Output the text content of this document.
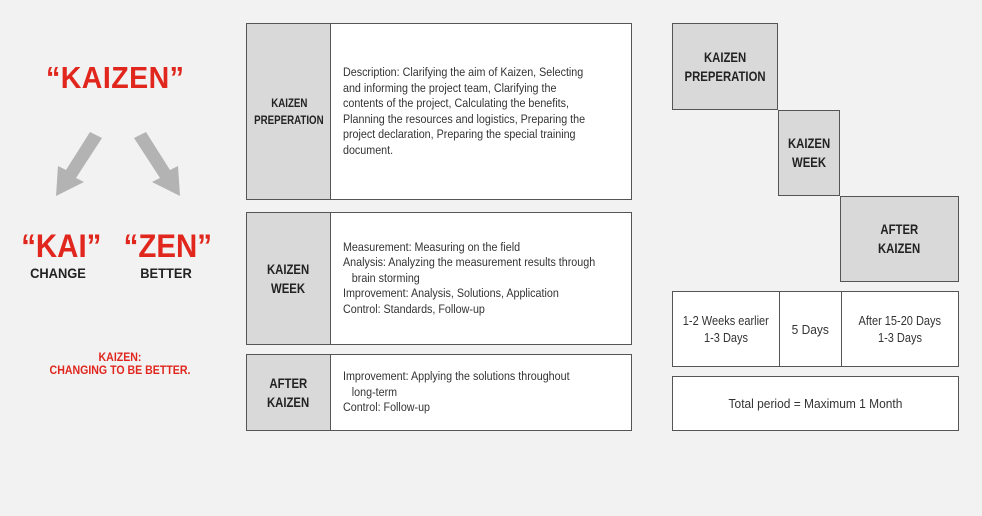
“KAIZEN”
“KAI”
CHANGE
“ZEN”
BETTER
KAIZEN:
CHANGING TO BE BETTER.
KAIZEN
PREPERATION
Description: Clarifying the aim of Kaizen, Selecting
and informing the project team, Clarifying the
contents of the project, Calculating the benefits,
Planning the resources and logistics, Preparing the
project declaration, Preparing the special training
document.
KAIZEN
WEEK
Measurement: Measuring on the field
Analysis: Analyzing the measurement results through
brain storming
Improvement: Analysis, Solutions, Application
Control: Standards, Follow-up
AFTER
KAIZEN
Improvement: Applying the solutions throughout
long-term
Control: Follow-up
KAIZEN
PREPERATION
KAIZEN
WEEK
AFTER
KAIZEN
1-2 Weeks earlier
1-3 Days
5 Days
After 15-20 Days
1-3 Days
Total period = Maximum 1 Month
